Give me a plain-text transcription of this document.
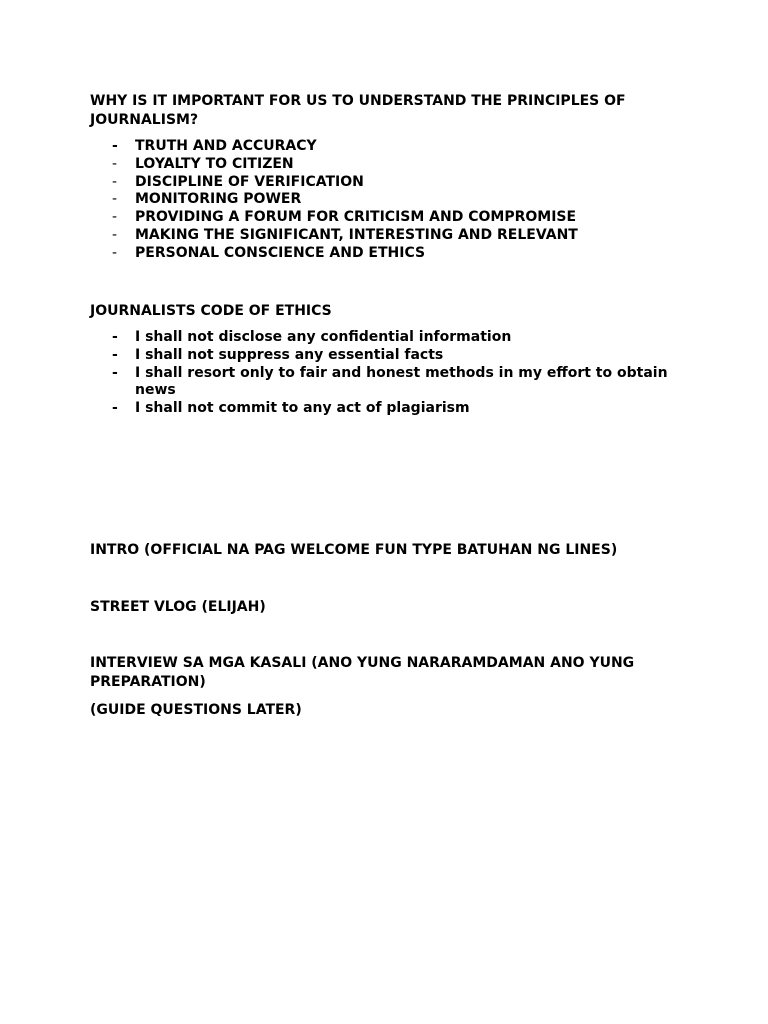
WHY IS IT IMPORTANT FOR US TO UNDERSTAND THE PRINCIPLES OF JOURNALISM?

- TRUTH AND ACCURACY
- LOYALTY TO CITIZEN
- DISCIPLINE OF VERIFICATION
- MONITORING POWER
- PROVIDING A FORUM FOR CRITICISM AND COMPROMISE
- MAKING THE SIGNIFICANT, INTERESTING AND RELEVANT
- PERSONAL CONSCIENCE AND ETHICS

JOURNALISTS CODE OF ETHICS

- I shall not disclose any confidential information
- I shall not suppress any essential facts
- I shall resort only to fair and honest methods in my effort to obtain news
- I shall not commit to any act of plagiarism

INTRO (OFFICIAL NA PAG WELCOME FUN TYPE BATUHAN NG LINES)

STREET VLOG (ELIJAH)

INTERVIEW SA MGA KASALI (ANO YUNG NARARAMDAMAN ANO YUNG PREPARATION)

(GUIDE QUESTIONS LATER)
